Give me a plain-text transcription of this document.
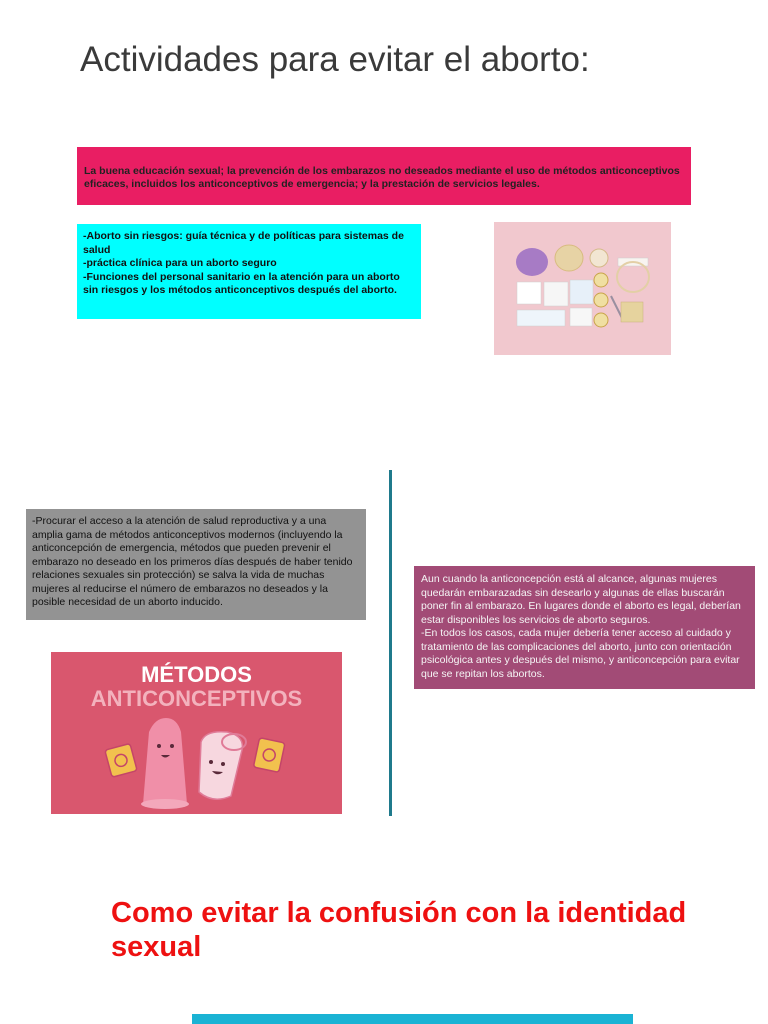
Actividades para evitar el aborto:
La buena educación sexual; la prevención de los embarazos no deseados mediante el uso de métodos anticonceptivos eficaces, incluidos los anticonceptivos de emergencia; y la prestación de servicios legales.
-Aborto sin riesgos: guía técnica y de políticas para sistemas de salud
-práctica clínica para un aborto seguro
-Funciones del personal sanitario en la atención para un aborto sin riesgos y los métodos anticonceptivos después del aborto.
-Procurar el acceso a la atención de salud reproductiva y a una amplia gama de métodos anticonceptivos modernos (incluyendo la anticoncepción de emergencia, métodos que pueden prevenir el embarazo no deseado en los primeros días después de haber tenido relaciones sexuales sin protección) se salva la vida de muchas mujeres al reducirse el número de embarazos no deseados y la posible necesidad de un aborto inducido.
Aun cuando la anticoncepción está al alcance, algunas mujeres quedarán embarazadas sin desearlo y algunas de ellas buscarán poner fin al embarazo. En lugares donde el aborto es legal, deberían estar disponibles los servicios de aborto seguros.
-En todos los casos, cada mujer debería tener acceso al cuidado y tratamiento de las complicaciones del aborto, junto con orientación psicológica antes y después del mismo, y anticoncepción para evitar que se repitan los abortos.
MÉTODOS
ANTICONCEPTIVOS
Como evitar la confusión con la identidad sexual
